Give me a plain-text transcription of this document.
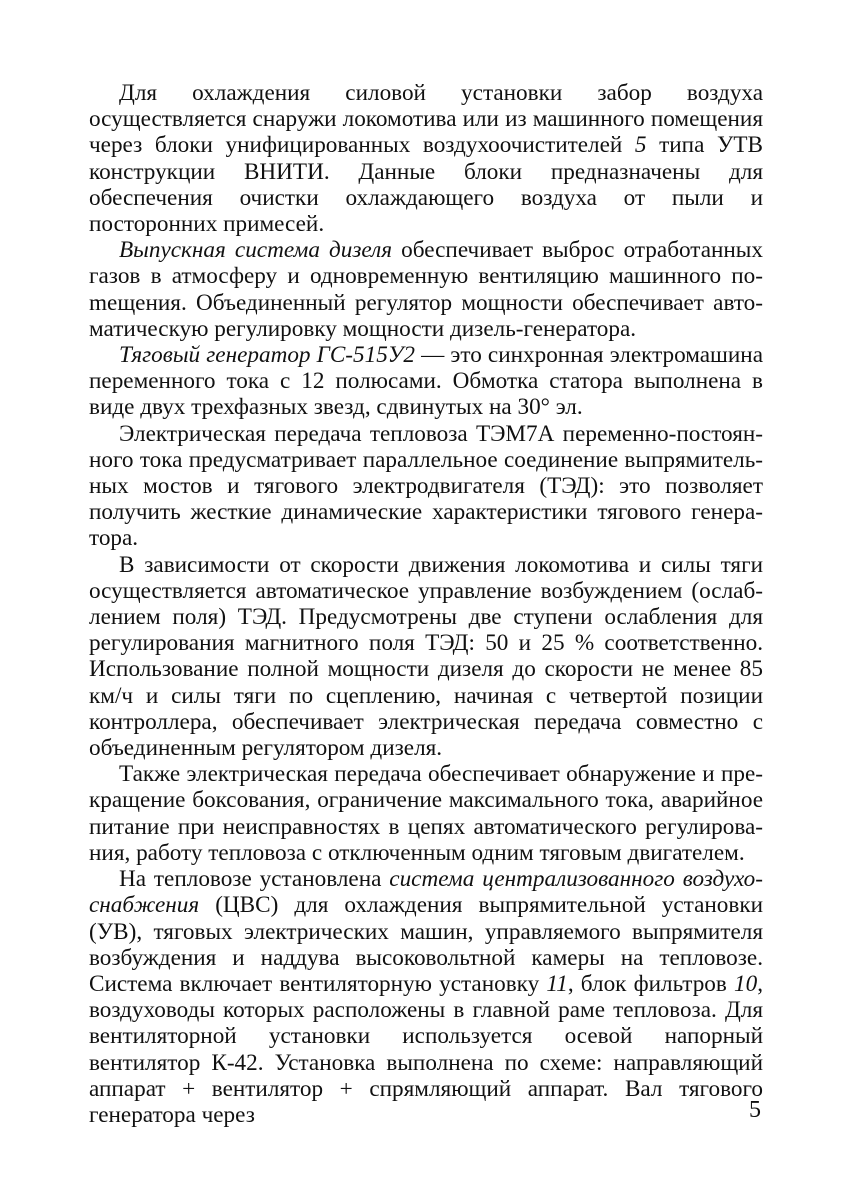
Для охлаждения силовой установки забор воздуха осуществляется снаружи локомотива или из машинного помещения через блоки унифицированных воздухоочистителей 5 типа УТВ конструкции ВНИТИ. Данные блоки предназначены для обеспечения очистки охлаждающего воздуха от пыли и посторонних примесей.

Выпускная система дизеля обеспечивает выброс отработанных газов в атмосферу и одновременную вентиляцию машинного поmещения. Объединенный регулятор мощности обеспечивает автоматическую регулировку мощности дизель-генератора.

Тяговый генератор ГС-515У2 — это синхронная электромашина переменного тока с 12 полюсами. Обмотка статора выполнена в виде двух трехфазных звезд, сдвинутых на 30° эл.

Электрическая передача тепловоза ТЭМ7А переменно-постоянного тока предусматривает параллельное соединение выпрямительных мостов и тягового электродвигателя (ТЭД): это позволяет получить жесткие динамические характеристики тягового генератора.

В зависимости от скорости движения локомотива и силы тяги осуществляется автоматическое управление возбуждением (ослаблением поля) ТЭД. Предусмотрены две ступени ослабления для регулирования магнитного поля ТЭД: 50 и 25 % соответственно. Использование полной мощности дизеля до скорости не менее 85 км/ч и силы тяги по сцеплению, начиная с четвертой позиции контроллера, обеспечивает электрическая передача совместно с объединенным регулятором дизеля.

Также электрическая передача обеспечивает обнаружение и прекращение боксования, ограничение максимального тока, аварийное питание при неисправностях в цепях автоматического регулирования, работу тепловоза с отключенным одним тяговым двигателем.

На тепловозе установлена система централизованного воздухоснабжения (ЦВС) для охлаждения выпрямительной установки (УВ), тяговых электрических машин, управляемого выпрямителя возбуждения и наддува высоковольтной камеры на тепловозе. Система включает вентиляторную установку 11, блок фильтров 10, воздуховоды которых расположены в главной раме тепловоза. Для вентиляторной установки используется осевой напорный вентилятор К-42. Установка выполнена по схеме: направляющий аппарат + вентилятор + спрямляющий аппарат. Вал тягового генератора через	5
